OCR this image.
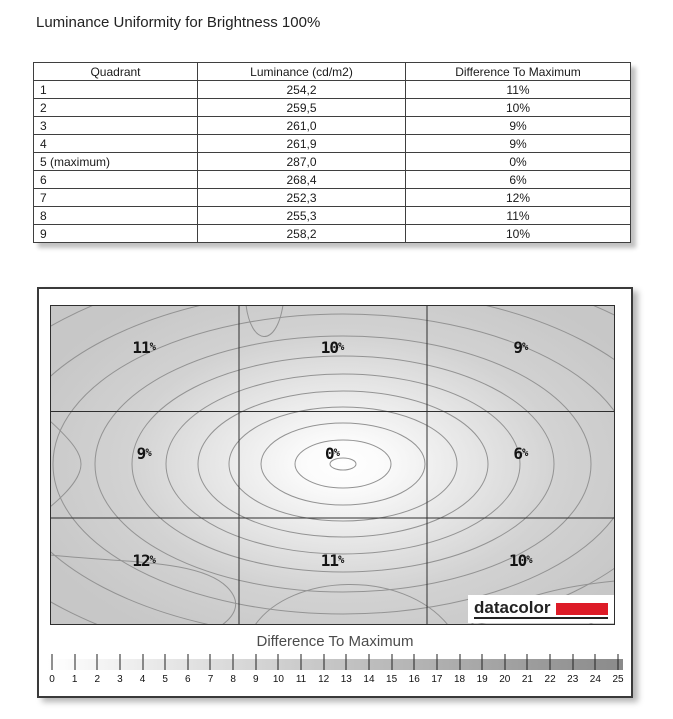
Luminance Uniformity for Brightness 100%
Quadrant	Luminance (cd/m2)	Difference To Maximum
1	254,2	11%
2	259,5	10%
3	261,0	9%
4	261,9	9%
5 (maximum)	287,0	0%
6	268,4	6%
7	252,3	12%
8	255,3	11%
9	258,2	10%
11%	10%	9%
9%	0%	6%
12%	11%	10%
datacolor
Difference To Maximum
0 1 2 3 4 5 6 7 8 9 10 11 12 13 14 15 16 17 18 19 20 21 22 23 24 25
